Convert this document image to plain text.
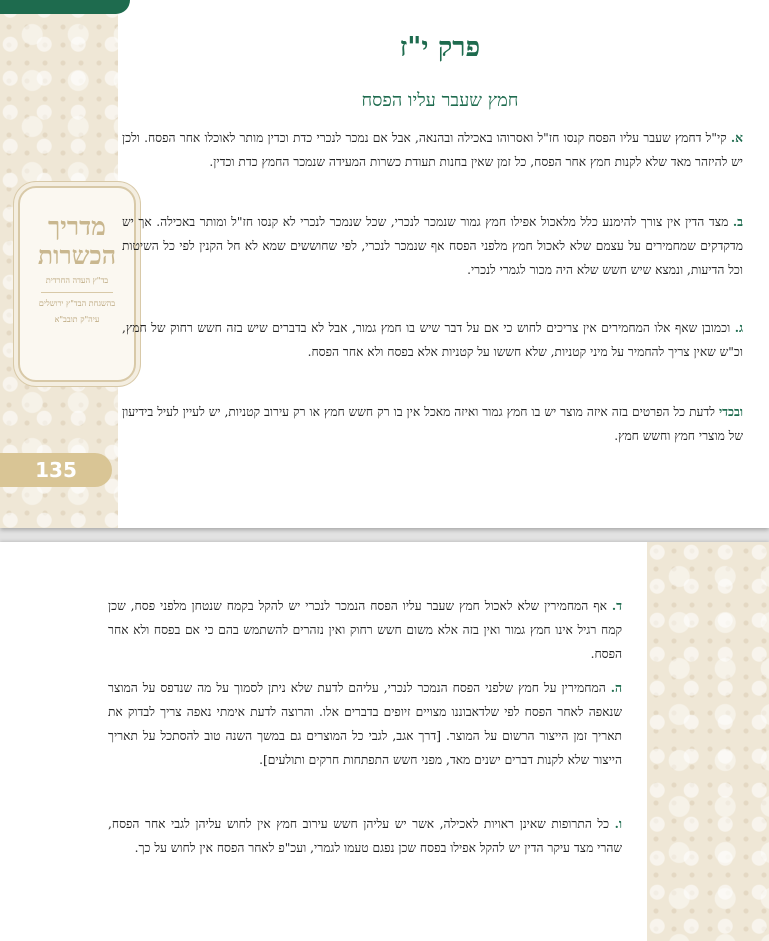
מדריך הכשרות
בד"ץ העדה החרדית
בהשגחת הבד"ץ ירושלים
עיה"ק תובב"א
135
פרק י"ז
חמץ שעבר עליו הפסח

א. קי"ל דחמץ שעבר עליו הפסח קנסו חז"ל ואסרוהו באכילה ובהנאה, אבל אם נמכר לנכרי כדת וכדין מותר לאוכלו אחר הפסח. ולכן יש להיזהר מאד שלא לקנות חמץ אחר הפסח, כל זמן שאין בחנות תעודת כשרות המעידה שנמכר החמץ כדת וכדין.

ב. מצד הדין אין צורך להימנע כלל מלאכול אפילו חמץ גמור שנמכר לנכרי, שכל שנמכר לנכרי לא קנסו חז"ל ומותר באכילה. אך יש מדקדקים שמחמירים על עצמם שלא לאכול חמץ מלפני הפסח אף שנמכר לנכרי, לפי שחוששים שמא לא חל הקנין לפי כל השיטות וכל הדיעות, ונמצא שיש חשש שלא היה מכור לגמרי לנכרי.

ג. וכמובן שאף אלו המחמירים אין צריכים לחוש כי אם על דבר שיש בו חמץ גמור, אבל לא בדברים שיש בזה חשש רחוק של חמץ, וכ"ש שאין צריך להחמיר על מיני קטניות, שלא חששו על קטניות אלא בפסח ולא אחר הפסח.

ובכדי לדעת כל הפרטים בזה איזה מוצר יש בו חמץ גמור ואיזה מאכל אין בו רק חשש חמץ או רק עירוב קטניות, יש לעיין לעיל בידיעון של מוצרי חמץ וחשש חמץ.

ד. אף המחמירין שלא לאכול חמץ שעבר עליו הפסח הנמכר לנכרי יש להקל בקמח שנטחן מלפני פסח, שכן קמח רגיל אינו חמץ גמור ואין בזה אלא משום חשש רחוק ואין נזהרים להשתמש בהם כי אם בפסח ולא אחר הפסח.

ה. המחמירין על חמץ שלפני הפסח הנמכר לנכרי, עליהם לדעת שלא ניתן לסמוך על מה שנדפס על המוצר שנאפה לאחר הפסח לפי שלדאבוננו מצויים זיופים בדברים אלו. והרוצה לדעת אימתי נאפה צריך לבדוק את תאריך זמן הייצור הרשום על המוצר. [דרך אגב, לגבי כל המוצרים גם במשך השנה טוב להסתכל על תאריך הייצור שלא לקנות דברים ישנים מאד, מפני חשש התפתחות חרקים ותולעים].

ו. כל התרופות שאינן ראויות לאכילה, אשר יש עליהן חשש עירוב חמץ אין לחוש עליהן לגבי אחר הפסח, שהרי מצד עיקר הדין יש להקל אפילו בפסח שכן נפגם טעמו לגמרי, ועכ"פ לאחר הפסח אין לחוש על כך.
